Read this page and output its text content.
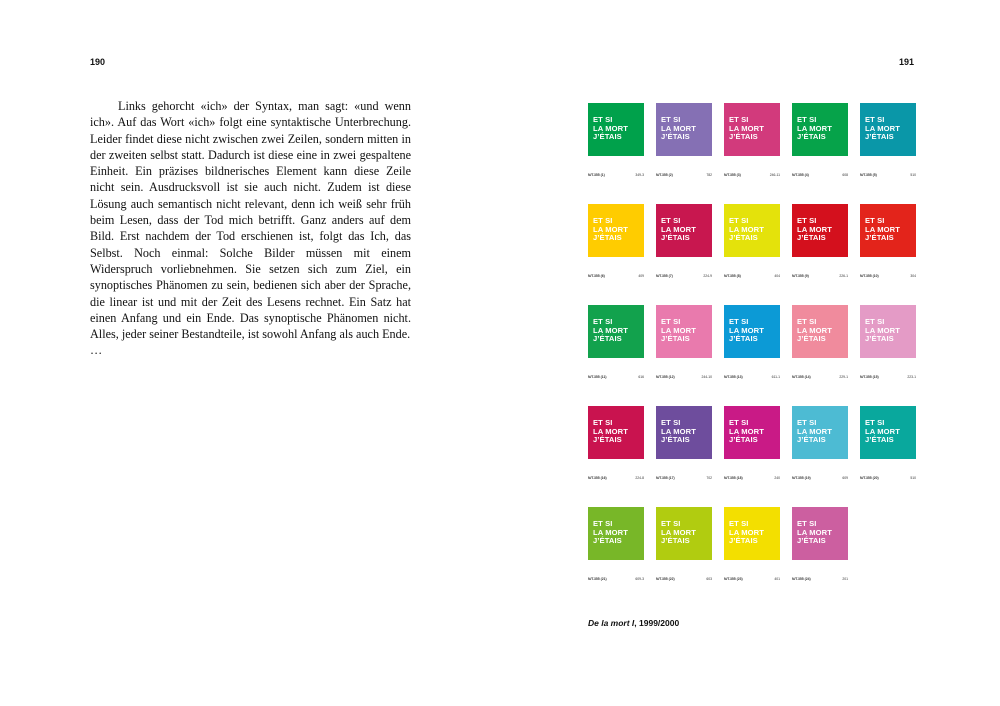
190	191

Links gehorcht «ich» der Syntax, man sagt: «und wenn ich». Auf das Wort «ich» folgt eine syntaktische Unterbrechung. Leider findet diese nicht zwischen zwei Zeilen, sondern mitten in der zweiten selbst statt. Dadurch ist diese eine in zwei gespaltene Einheit. Ein präzises bildnerisches Element kann diese Zeile nicht sein. Ausdrucksvoll ist sie auch nicht. Zudem ist diese Lösung auch semantisch nicht relevant, denn ich weiß sehr früh beim Lesen, dass der Tod mich betrifft. Ganz anders auf dem Bild. Erst nachdem der Tod erschienen ist, folgt das Ich, das Selbst. Noch einmal: Solche Bilder müssen mit einem Widerspruch vorliebnehmen. Sie setzen sich zum Ziel, ein synoptisches Phänomen zu sein, bedienen sich aber der Sprache, die linear ist und mit der Zeit des Lesens rechnet. Ein Satz hat einen Anfang und ein Ende. Das synoptische Phänomen nicht. Alles, jeder seiner Bestandteile, ist sowohl Anfang als auch Ende.

…
ET SI
LA MORT
J’ÉTAIS
N/T.355 (1)	349-3
ET SI
LA MORT
J’ÉTAIS
N/T.355 (2)	782
ET SI
LA MORT
J’ÉTAIS
N/T.355 (3)	246-11
ET SI
LA MORT
J’ÉTAIS
N/T.355 (4)	608
ET SI
LA MORT
J’ÉTAIS
N/T.355 (5)	510
ET SI
LA MORT
J’ÉTAIS
N/T.355 (6)	409
ET SI
LA MORT
J’ÉTAIS
N/T.355 (7)	224-9
ET SI
LA MORT
J’ÉTAIS
N/T.355 (8)	404
ET SI
LA MORT
J’ÉTAIS
N/T.355 (9)	226-1
ET SI
LA MORT
J’ÉTAIS
N/T.355 (10)	304
ET SI
LA MORT
J’ÉTAIS
N/T.355 (11)	616
ET SI
LA MORT
J’ÉTAIS
N/T.355 (12)	244-10
ET SI
LA MORT
J’ÉTAIS
N/T.355 (13)	611-1
ET SI
LA MORT
J’ÉTAIS
N/T.355 (14)	229-1
ET SI
LA MORT
J’ÉTAIS
N/T.355 (15)	223-1
ET SI
LA MORT
J’ÉTAIS
N/T.355 (16)	224-8
ET SI
LA MORT
J’ÉTAIS
N/T.355 (17)	702
ET SI
LA MORT
J’ÉTAIS
N/T.355 (18)	240
ET SI
LA MORT
J’ÉTAIS
N/T.355 (19)	609
ET SI
LA MORT
J’ÉTAIS
N/T.355 (20)	510
ET SI
LA MORT
J’ÉTAIS
N/T.355 (21)	609-3
ET SI
LA MORT
J’ÉTAIS
N/T.355 (22)	603
ET SI
LA MORT
J’ÉTAIS
N/T.355 (23)	401
ET SI
LA MORT
J’ÉTAIS
N/T.355 (24)	201
De la mort I, 1999/2000
